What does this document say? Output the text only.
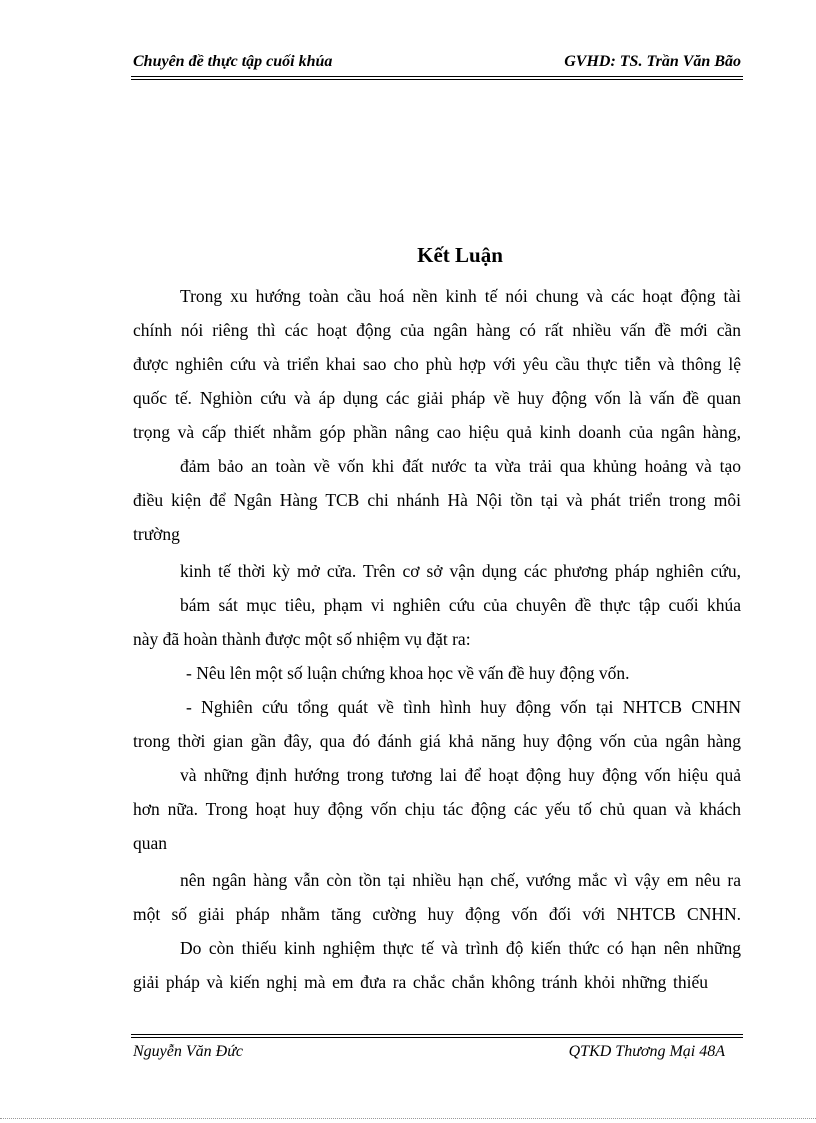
Chuyên đề thực tập cuối khúa	GVHD: TS. Trần Văn Bão
Kết Luận
Trong xu hướng toàn cầu hoá nền kinh tế nói chung và các hoạt động tài
chính nói riêng thì các hoạt động của ngân hàng có rất nhiều vấn đề mới cần
được nghiên cứu và triển khai sao cho phù hợp với yêu cầu thực tiễn và thông lệ
quốc tế. Nghiòn cứu và áp dụng các giải pháp về huy động vốn là vấn đề quan
trọng và cấp thiết nhằm góp phần nâng cao hiệu quả kinh doanh của ngân hàng,
đảm bảo an toàn về vốn khi đất nước ta vừa trải qua khủng hoảng và tạo
điều kiện để Ngân Hàng TCB chi nhánh Hà Nội tồn tại và phát triển trong môi
trường
kinh tế thời kỳ mở cửa. Trên cơ sở vận dụng các phương pháp nghiên cứu,
bám sát mục tiêu, phạm vi nghiên cứu của chuyên đề thực tập cuối khúa
này đã hoàn thành được một số nhiệm vụ đặt ra:
- Nêu lên một số luận chứng khoa học về vấn đề huy động vốn.
- Nghiên cứu tổng quát về tình hình huy động vốn tại NHTCB CNHN
trong thời gian gần đây, qua đó đánh giá khả năng huy động vốn của ngân hàng
và những định hướng trong tương lai để hoạt động huy động vốn hiệu quả
hơn nữa. Trong hoạt huy động vốn chịu tác động các yếu tố chủ quan và khách
quan
nên ngân hàng vẫn còn tồn tại nhiều hạn chế, vướng mắc vì vậy em nêu ra
một số giải pháp nhằm tăng cường huy động vốn đối với NHTCB CNHN.
Do còn thiếu kinh nghiệm thực tế và trình độ kiến thức có hạn nên những
giải pháp và kiến nghị mà em đưa ra chắc chắn không tránh khỏi những thiếu
Nguyễn Văn Đức	QTKD Thương Mại 48A
